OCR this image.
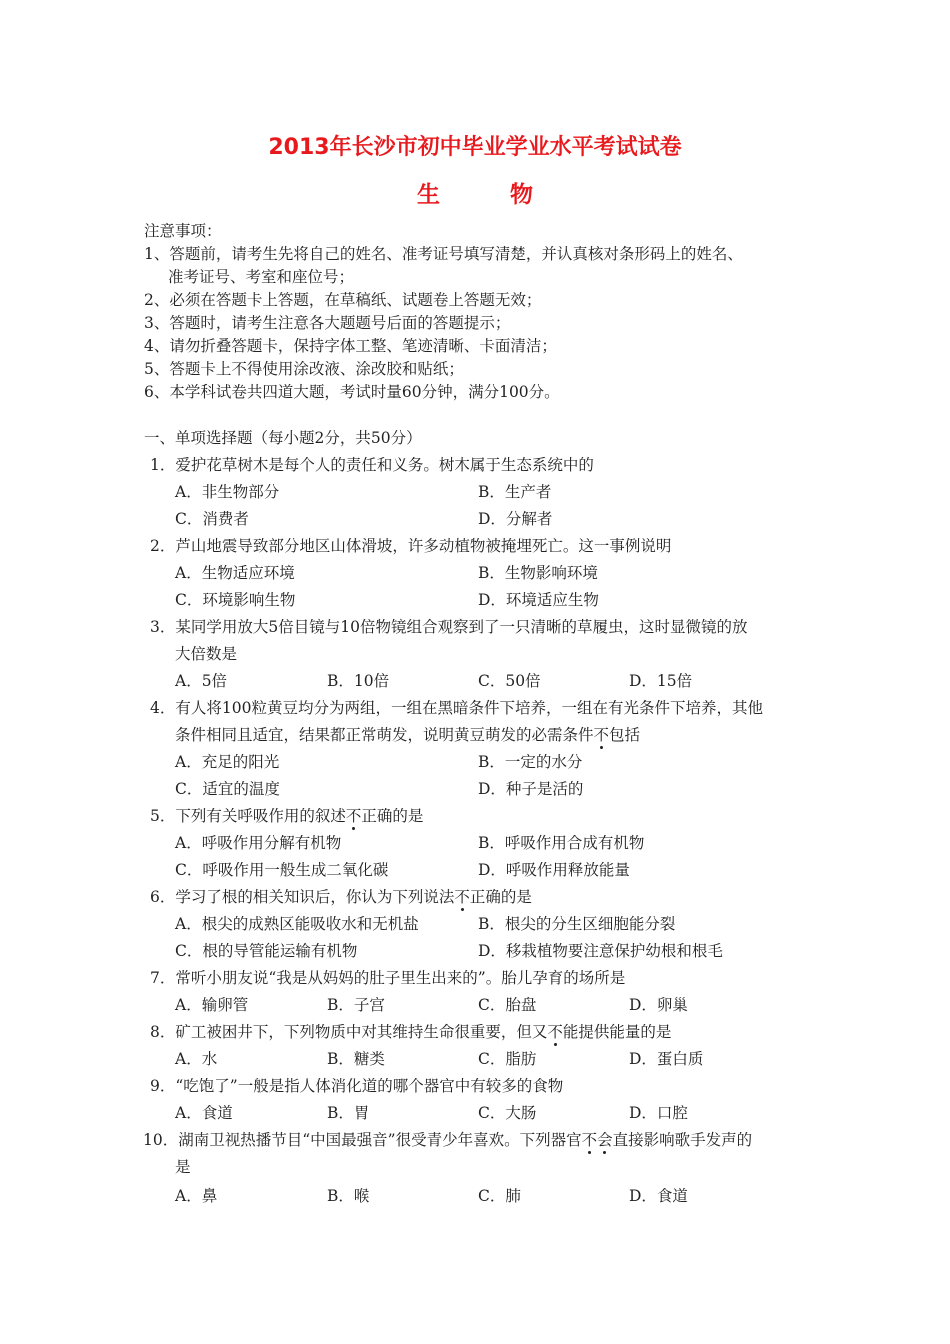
2013年长沙市初中毕业学业水平考试试卷
生	物
注意事项：
1、答题前，请考生先将自己的姓名、准考证号填写清楚，并认真核对条形码上的姓名、
准考证号、考室和座位号；
2、必须在答题卡上答题，在草稿纸、试题卷上答题无效；
3、答题时，请考生注意各大题题号后面的答题提示；
4、请勿折叠答题卡，保持字体工整、笔迹清晰、卡面清洁；
5、答题卡上不得使用涂改液、涂改胶和贴纸；
6、本学科试卷共四道大题，考试时量60分钟，满分100分。
一、单项选择题（每小题2分，共50分）
1．爱护花草树木是每个人的责任和义务。树木属于生态系统中的
A．非生物部分	B．生产者
C．消费者	D．分解者
2．芦山地震导致部分地区山体滑坡，许多动植物被掩埋死亡。这一事例说明
A．生物适应环境	B．生物影响环境
C．环境影响生物	D．环境适应生物
3．某同学用放大5倍目镜与10倍物镜组合观察到了一只清晰的草履虫，这时显微镜的放
大倍数是
A．5倍	B．10倍	C．50倍	D．15倍
4．有人将100粒黄豆均分为两组，一组在黑暗条件下培养，一组在有光条件下培养，其他
条件相同且适宜，结果都正常萌发，说明黄豆萌发的必需条件不包括
A．充足的阳光	B．一定的水分
C．适宜的温度	D．种子是活的
5．下列有关呼吸作用的叙述不正确的是
A．呼吸作用分解有机物	B．呼吸作用合成有机物
C．呼吸作用一般生成二氧化碳	D．呼吸作用释放能量
6．学习了根的相关知识后，你认为下列说法不正确的是
A．根尖的成熟区能吸收水和无机盐	B．根尖的分生区细胞能分裂
C．根的导管能运输有机物	D．移栽植物要注意保护幼根和根毛
7．常听小朋友说“我是从妈妈的肚子里生出来的”。胎儿孕育的场所是
A．输卵管	B．子宫	C．胎盘	D．卵巢
8．矿工被困井下，下列物质中对其维持生命很重要，但又不能提供能量的是
A．水	B．糖类	C．脂肪	D．蛋白质
9．“吃饱了”一般是指人体消化道的哪个器官中有较多的食物
A．食道	B．胃	C．大肠	D．口腔
10．湖南卫视热播节目“中国最强音”很受青少年喜欢。下列器官不会直接影响歌手发声的
是
A．鼻	B．喉	C．肺	D．食道
